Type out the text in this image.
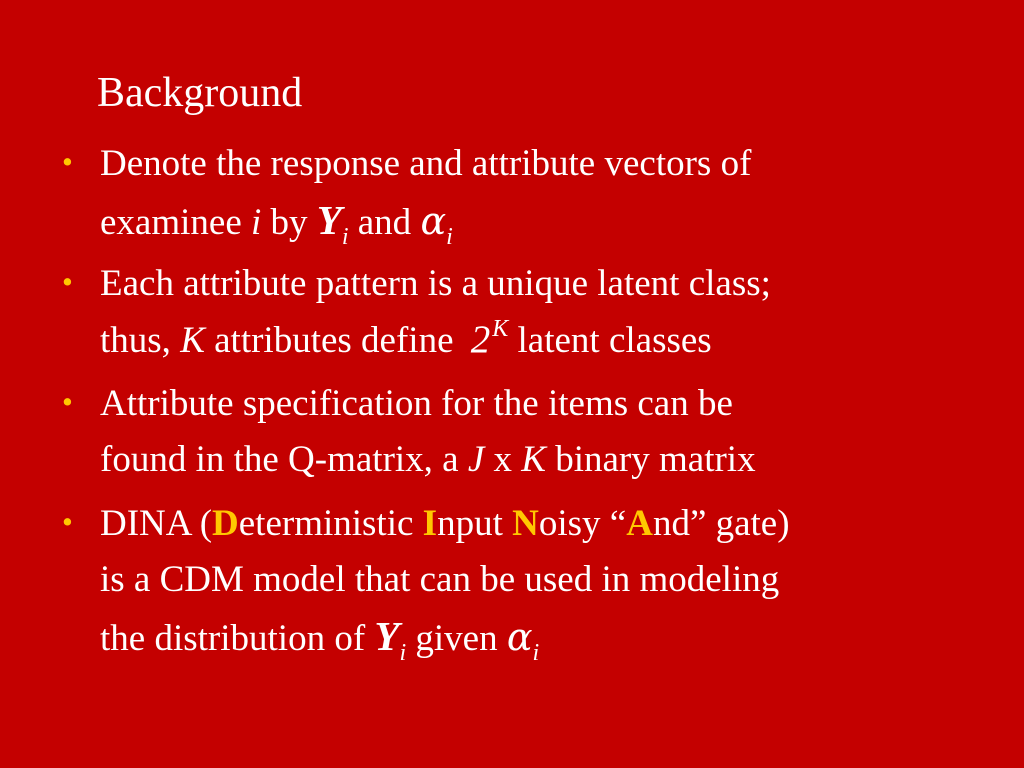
Background
• Denote the response and attribute vectors of
examinee i by $Y_i$ and $\alpha_i$
• Each attribute pattern is a unique latent class;
thus, K attributes define $2^K$ latent classes
• Attribute specification for the items can be
found in the Q-matrix, a J x K binary matrix
• DINA (Deterministic Input Noisy “And” gate)
is a CDM model that can be used in modeling
the distribution of $Y_i$ given $\alpha_i$
